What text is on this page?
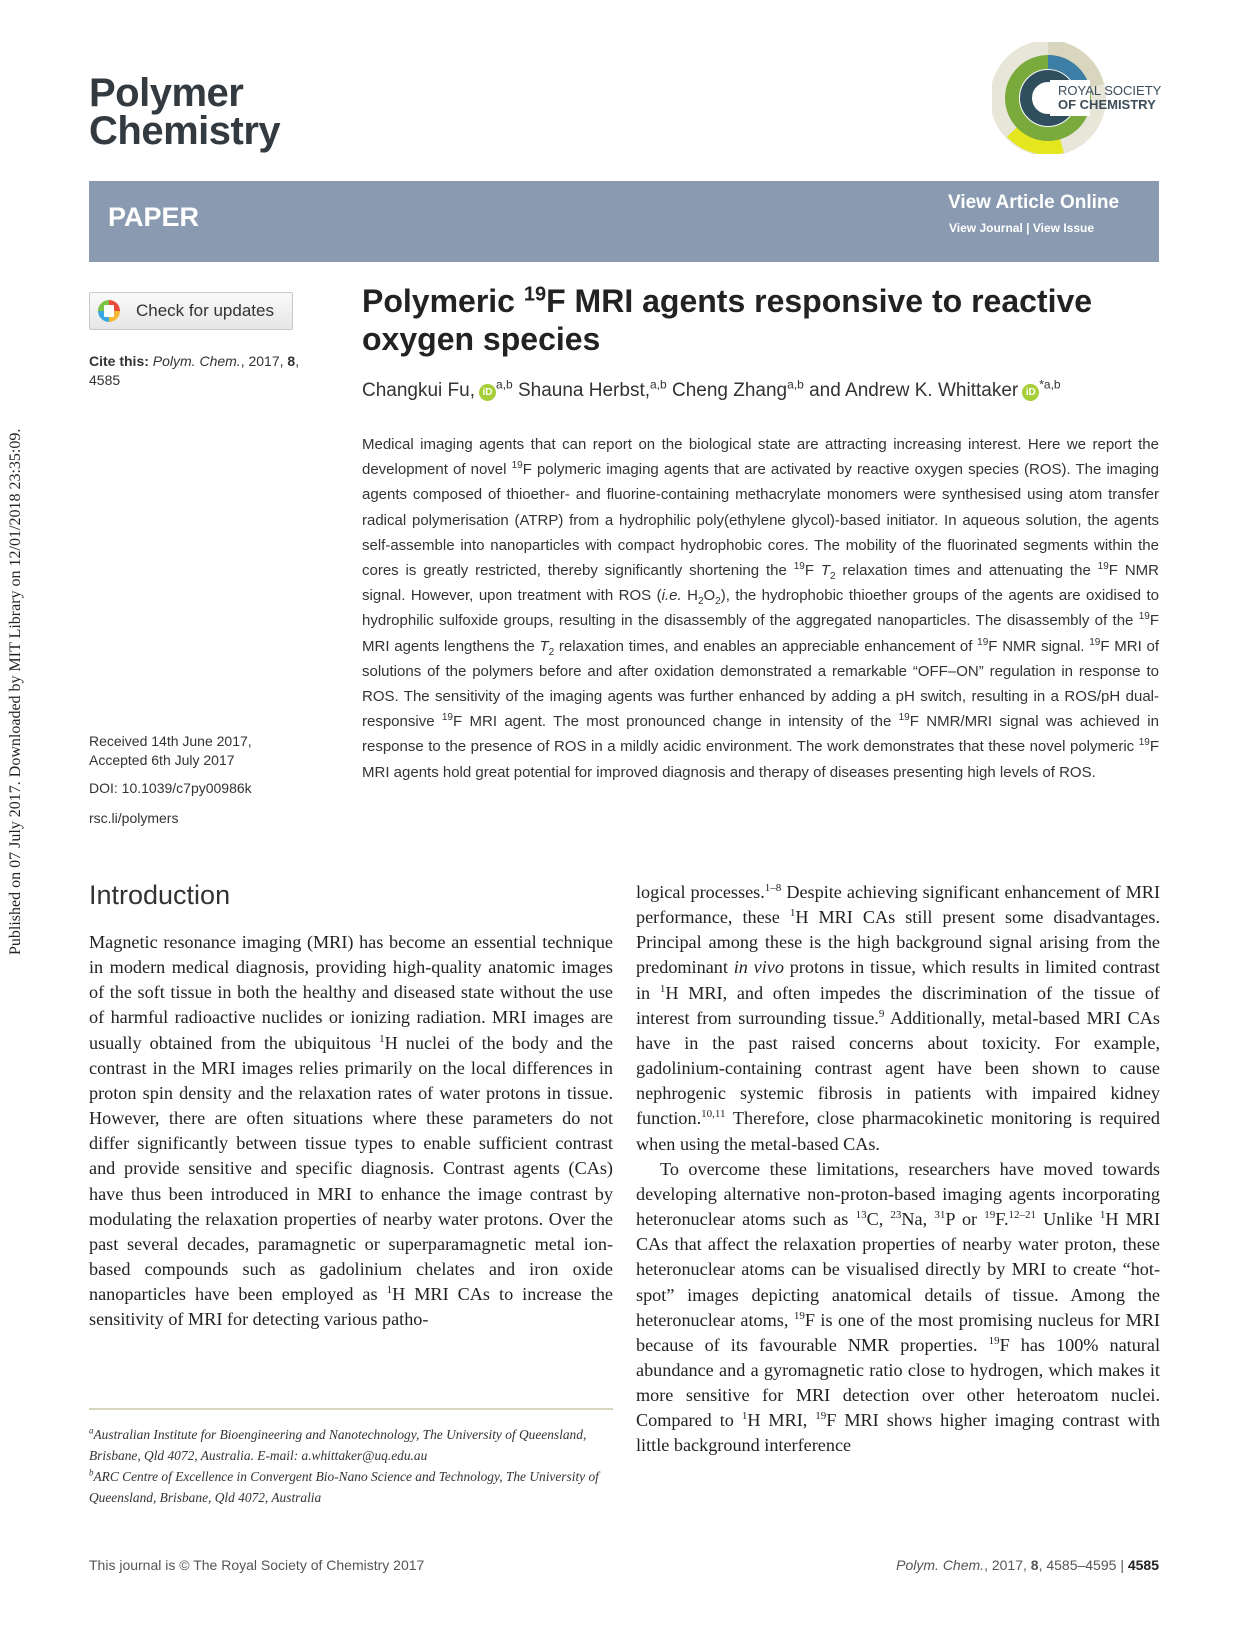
Published on 07 July 2017. Downloaded by MIT Library on 12/01/2018 23:35:09.
Polymer
Chemistry
ROYAL SOCIETY
OF CHEMISTRY
PAPER	View Article Online
View Journal | View Issue
Check for updates
Cite this: Polym. Chem., 2017, 8,
4585
Received 14th June 2017,
Accepted 6th July 2017
DOI: 10.1039/c7py00986k
rsc.li/polymers
Polymeric $^{19}$F MRI agents responsive to reactive oxygen species
Changkui Fu, iD$^{a,b}$ Shauna Herbst,$^{a,b}$ Cheng Zhang$^{a,b}$ and Andrew K. Whittaker iD$^{*a,b}$
Medical imaging agents that can report on the biological state are attracting increasing interest. Here we report the development of novel $^{19}$F polymeric imaging agents that are activated by reactive oxygen species (ROS). The imaging agents composed of thioether- and fluorine-containing methacrylate monomers were synthesised using atom transfer radical polymerisation (ATRP) from a hydrophilic poly(ethylene glycol)-based initiator. In aqueous solution, the agents self-assemble into nanoparticles with compact hydrophobic cores. The mobility of the fluorinated segments within the cores is greatly restricted, thereby significantly shortening the $^{19}$F $T_2$ relaxation times and attenuating the $^{19}$F NMR signal. However, upon treatment with ROS (i.e. $H_2O_2$), the hydrophobic thioether groups of the agents are oxidised to hydrophilic sulfoxide groups, resulting in the disassembly of the aggregated nanoparticles. The disassembly of the $^{19}$F MRI agents lengthens the $T_2$ relaxation times, and enables an appreciable enhancement of $^{19}$F NMR signal. $^{19}$F MRI of solutions of the polymers before and after oxidation demonstrated a remarkable “OFF–ON” regulation in response to ROS. The sensitivity of the imaging agents was further enhanced by adding a pH switch, resulting in a ROS/pH dual-responsive $^{19}$F MRI agent. The most pronounced change in intensity of the $^{19}$F NMR/MRI signal was achieved in response to the presence of ROS in a mildly acidic environment. The work demonstrates that these novel polymeric $^{19}$F MRI agents hold great potential for improved diagnosis and therapy of diseases presenting high levels of ROS.
Introduction
Magnetic resonance imaging (MRI) has become an essential technique in modern medical diagnosis, providing high-quality anatomic images of the soft tissue in both the healthy and diseased state without the use of harmful radioactive nuclides or ionizing radiation. MRI images are usually obtained from the ubiquitous $^1$H nuclei of the body and the contrast in the MRI images relies primarily on the local differences in proton spin density and the relaxation rates of water protons in tissue. However, there are often situations where these parameters do not differ significantly between tissue types to enable sufficient contrast and provide sensitive and specific diagnosis. Contrast agents (CAs) have thus been introduced in MRI to enhance the image contrast by modulating the relaxation properties of nearby water protons. Over the past several decades, paramagnetic or superparamagnetic metal ion-based compounds such as gadolinium chelates and iron oxide nanoparticles have been employed as $^1$H MRI CAs to increase the sensitivity of MRI for detecting various patho-

logical processes.$^{1-8}$ Despite achieving significant enhancement of MRI performance, these $^1$H MRI CAs still present some disadvantages. Principal among these is the high background signal arising from the predominant in vivo protons in tissue, which results in limited contrast in $^1$H MRI, and often impedes the discrimination of the tissue of interest from surrounding tissue.$^9$ Additionally, metal-based MRI CAs have in the past raised concerns about toxicity. For example, gadolinium-containing contrast agent have been shown to cause nephrogenic systemic fibrosis in patients with impaired kidney function.$^{10,11}$ Therefore, close pharmacokinetic monitoring is required when using the metal-based CAs.

To overcome these limitations, researchers have moved towards developing alternative non-proton-based imaging agents incorporating heteronuclear atoms such as $^{13}$C, $^{23}$Na, $^{31}$P or $^{19}$F.$^{12-21}$ Unlike $^1$H MRI CAs that affect the relaxation properties of nearby water proton, these heteronuclear atoms can be visualised directly by MRI to create “hot-spot” images depicting anatomical details of tissue. Among the heteronuclear atoms, $^{19}$F is one of the most promising nucleus for MRI because of its favourable NMR properties. $^{19}$F has 100% natural abundance and a gyromagnetic ratio close to hydrogen, which makes it more sensitive for MRI detection over other heteroatom nuclei. Compared to $^1$H MRI, $^{19}$F MRI shows higher imaging contrast with little background interference

$^a$Australian Institute for Bioengineering and Nanotechnology, The University of Queensland, Brisbane, Qld 4072, Australia. E-mail: a.whittaker@uq.edu.au
$^b$ARC Centre of Excellence in Convergent Bio-Nano Science and Technology, The University of Queensland, Brisbane, Qld 4072, Australia
This journal is © The Royal Society of Chemistry 2017	Polym. Chem., 2017, 8, 4585–4595 | 4585
